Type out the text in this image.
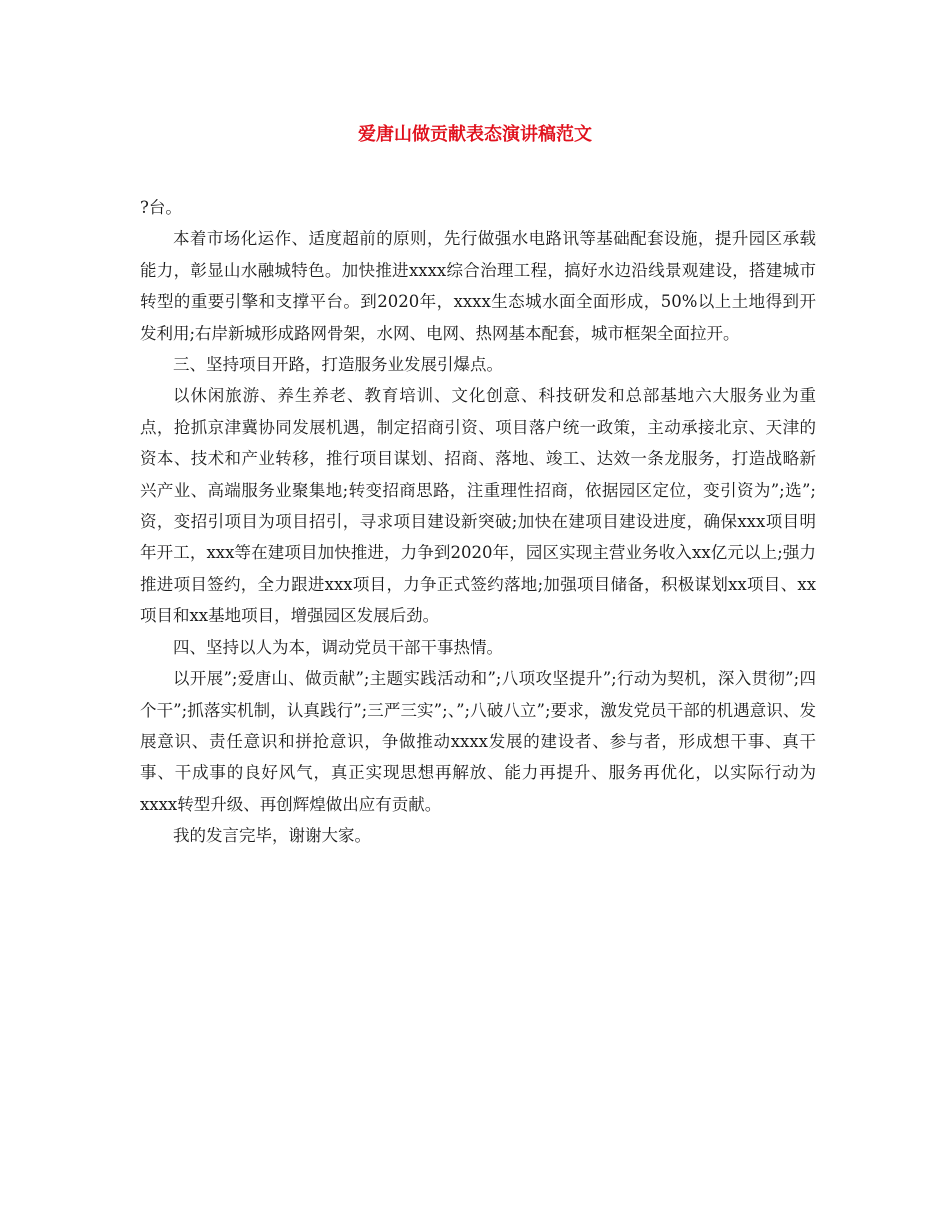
爱唐山做贡献表态演讲稿范文

?台。

本着市场化运作、适度超前的原则，先行做强水电路讯等基础配套设施，提升园区承载能力，彰显山水融城特色。加快推进xxxx综合治理工程，搞好水边沿线景观建设，搭建城市转型的重要引擎和支撑平台。到2020年，xxxx生态城水面全面形成，50%以上土地得到开发利用;右岸新城形成路网骨架，水网、电网、热网基本配套，城市框架全面拉开。

三、坚持项目开路，打造服务业发展引爆点。

以休闲旅游、养生养老、教育培训、文化创意、科技研发和总部基地六大服务业为重点，抢抓京津冀协同发展机遇，制定招商引资、项目落户统一政策，主动承接北京、天津的资本、技术和产业转移，推行项目谋划、招商、落地、竣工、达效一条龙服务，打造战略新兴产业、高端服务业聚集地;转变招商思路，注重理性招商，依据园区定位，变引资为”;选”;资，变招引项目为项目招引，寻求项目建设新突破;加快在建项目建设进度，确保xxx项目明年开工，xxx等在建项目加快推进，力争到2020年，园区实现主营业务收入xx亿元以上;强力推进项目签约，全力跟进xxx项目，力争正式签约落地;加强项目储备，积极谋划xx项目、xx项目和xx基地项目，增强园区发展后劲。

四、坚持以人为本，调动党员干部干事热情。

以开展”;爱唐山、做贡献”;主题实践活动和”;八项攻坚提升”;行动为契机，深入贯彻”;四个干”;抓落实机制，认真践行”;三严三实”;、”;八破八立”;要求，激发党员干部的机遇意识、发展意识、责任意识和拼抢意识，争做推动xxxx发展的建设者、参与者，形成想干事、真干事、干成事的良好风气，真正实现思想再解放、能力再提升、服务再优化，以实际行动为xxxx转型升级、再创辉煌做出应有贡献。

我的发言完毕，谢谢大家。
